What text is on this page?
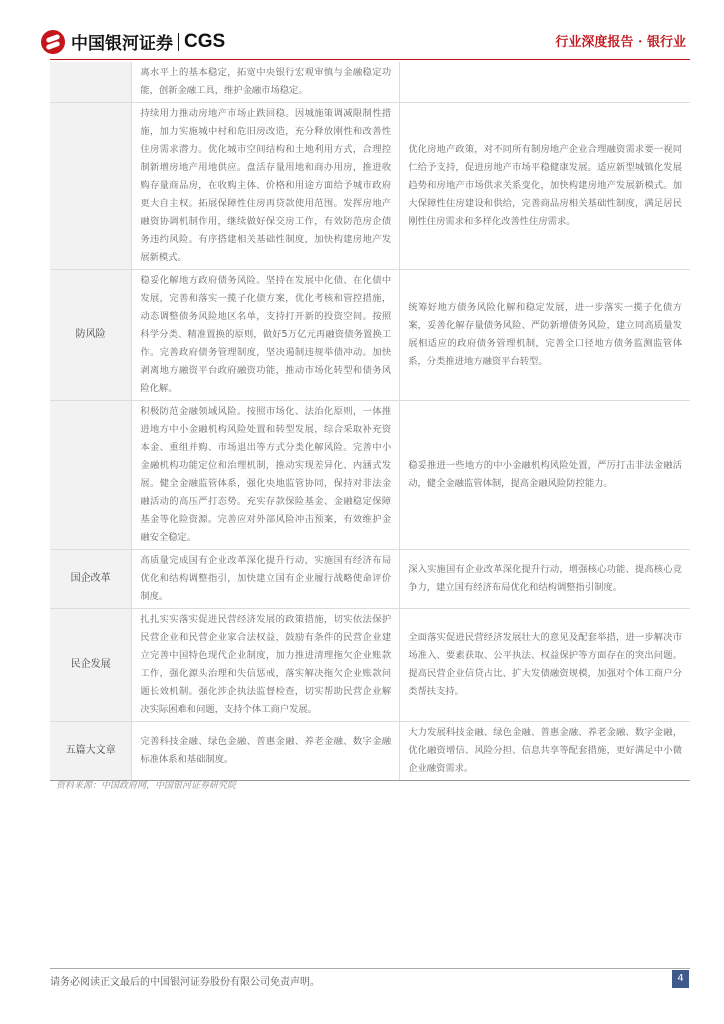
中国银河证券 CGS	行业深度报告 · 银行业
	离水平上的基本稳定，拓宽中央银行宏观审慎与金融稳定功能，创新金融工具，维护金融市场稳定。	
	持续用力推动房地产市场止跌回稳。因城施策调减限制性措施，加力实施城中村和危旧房改造，充分释放刚性和改善性住房需求潜力。优化城市空间结构和土地利用方式，合理控制新增房地产用地供应。盘活存量用地和商办用房，推进收购存量商品房，在收购主体、价格和用途方面给予城市政府更大自主权。拓展保障性住房再贷款使用范围。发挥房地产融资协调机制作用，继续做好保交房工作，有效防范房企债务违约风险。有序搭建相关基础性制度，加快构建房地产发展新模式。	优化房地产政策，对不同所有制房地产企业合理融资需求要一视同仁给予支持，促进房地产市场平稳健康发展。适应新型城镇化发展趋势和房地产市场供求关系变化，加快构建房地产发展新模式。加大保障性住房建设和供给，完善商品房相关基础性制度，满足居民刚性住房需求和多样化改善性住房需求。
防风险	稳妥化解地方政府债务风险。坚持在发展中化债、在化债中发展，完善和落实一揽子化债方案，优化考核和管控措施，动态调整债务风险地区名单，支持打开新的投资空间。按照科学分类、精准置换的原则，做好5万亿元再融资债务置换工作。完善政府债务管理制度，坚决遏制违规举债冲动。加快剥离地方融资平台政府融资功能，推动市场化转型和债务风险化解。	统筹好地方债务风险化解和稳定发展，进一步落实一揽子化债方案，妥善化解存量债务风险、严防新增债务风险，建立同高质量发展相适应的政府债务管理机制，完善全口径地方债务监测监管体系，分类推进地方融资平台转型。
	积极防范金融领域风险。按照市场化、法治化原则，一体推进地方中小金融机构风险处置和转型发展，综合采取补充资本金、重组并购、市场退出等方式分类化解风险。完善中小金融机构功能定位和治理机制，推动实现差异化、内涵式发展。健全金融监管体系，强化央地监管协同，保持对非法金融活动的高压严打态势。充实存款保险基金、金融稳定保障基金等化险资源。完善应对外部风险冲击预案，有效维护金融安全稳定。	稳妥推进一些地方的中小金融机构风险处置，严厉打击非法金融活动，健全金融监管体制，提高金融风险防控能力。
国企改革	高质量完成国有企业改革深化提升行动，实施国有经济布局优化和结构调整指引，加快建立国有企业履行战略使命评价制度。	深入实施国有企业改革深化提升行动，增强核心功能、提高核心竞争力，建立国有经济布局优化和结构调整指引制度。
民企发展	扎扎实实落实促进民营经济发展的政策措施，切实依法保护民营企业和民营企业家合法权益，鼓励有条件的民营企业建立完善中国特色现代企业制度，加力推进清理拖欠企业账款工作，强化源头治理和失信惩戒，落实解决拖欠企业账款问题长效机制。强化涉企执法监督检查，切实帮助民营企业解决实际困难和问题，支持个体工商户发展。	全面落实促进民营经济发展壮大的意见及配套举措，进一步解决市场准入、要素获取、公平执法、权益保护等方面存在的突出问题。提高民营企业信贷占比、扩大发债融资规模，加强对个体工商户分类帮扶支持。
五篇大文章	完善科技金融、绿色金融、普惠金融、养老金融、数字金融标准体系和基础制度。	大力发展科技金融、绿色金融、普惠金融、养老金融、数字金融，优化融资增信、风险分担、信息共享等配套措施，更好满足中小微企业融资需求。
资料来源：中国政府网，中国银河证券研究院
请务必阅读正文最后的中国银河证券股份有限公司免责声明。	4
